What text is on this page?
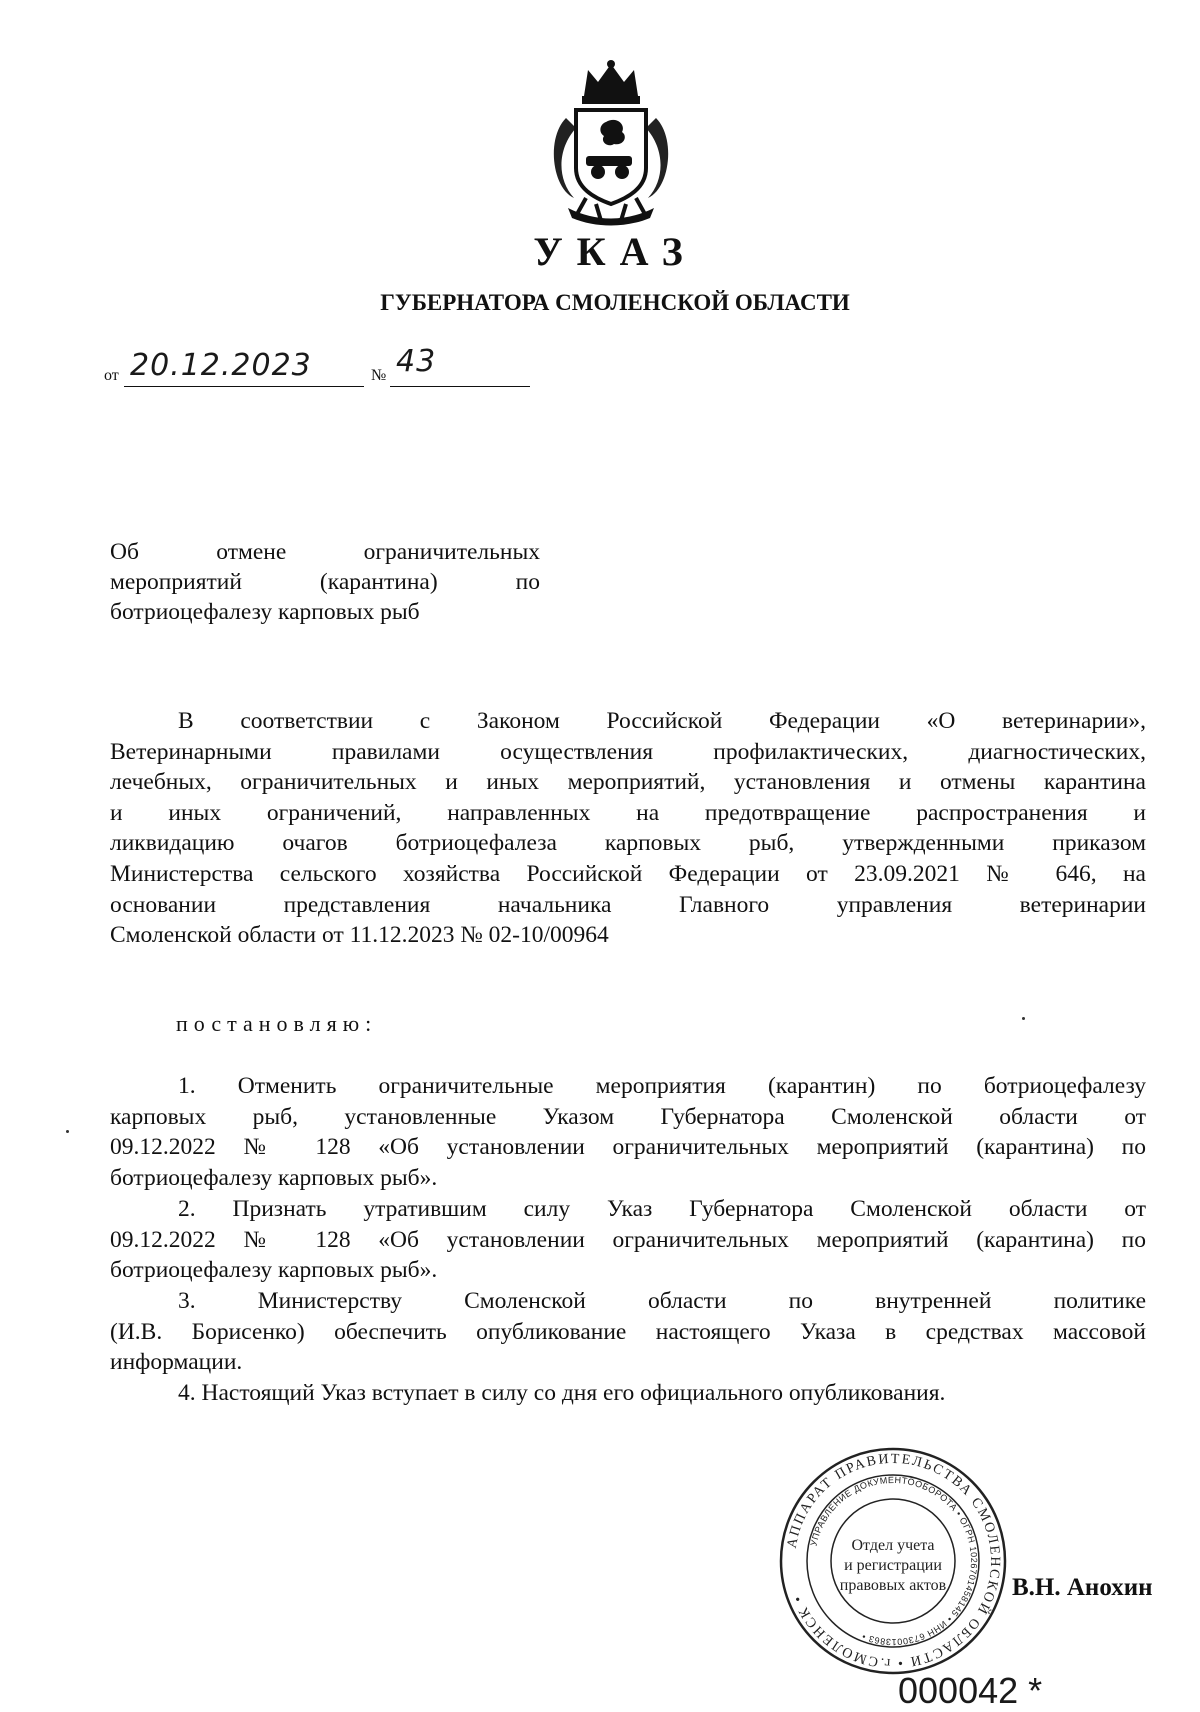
УКАЗ
ГУБЕРНАТОРА СМОЛЕНСКОЙ ОБЛАСТИ
от 20.12.2023	№ 43
Об отмене ограничительных
мероприятий (карантина) по
ботриоцефалезу карповых рыб
В соответствии с Законом Российской Федерации «О ветеринарии»,
Ветеринарными правилами осуществления профилактических, диагностических,
лечебных, ограничительных и иных мероприятий, установления и отмены карантина
и иных ограничений, направленных на предотвращение распространения и
ликвидацию очагов ботриоцефалеза карповых рыб, утвержденными приказом
Министерства сельского хозяйства Российской Федерации от 23.09.2021 № 646, на
основании представления начальника Главного управления ветеринарии
Смоленской области от 11.12.2023 № 02-10/00964
постановляю:
1. Отменить ограничительные мероприятия (карантин) по ботриоцефалезу
карповых рыб, установленные Указом Губернатора Смоленской области от
09.12.2022 № 128 «Об установлении ограничительных мероприятий (карантина) по
ботриоцефалезу карповых рыб».
2. Признать утратившим силу Указ Губернатора Смоленской области от
09.12.2022 № 128 «Об установлении ограничительных мероприятий (карантина) по
ботриоцефалезу карповых рыб».
3. Министерству Смоленской области по внутренней политике
(И.В. Борисенко) обеспечить опубликование настоящего Указа в средствах массовой
информации.
4. Настоящий Указ вступает в силу со дня его официального опубликования.
АППАРАТ ПРАВИТЕЛЬСТВА СМОЛЕНСКОЙ ОБЛАСТИ • г.СМОЛЕНСК •
УПРАВЛЕНИЕ ДОКУМЕНТООБОРОТА • ОГРН 1026701458145 • ИНН 6730013863 •
Отдел учета
и регистрации
правовых актов	В.Н. Анохин
000042 *
